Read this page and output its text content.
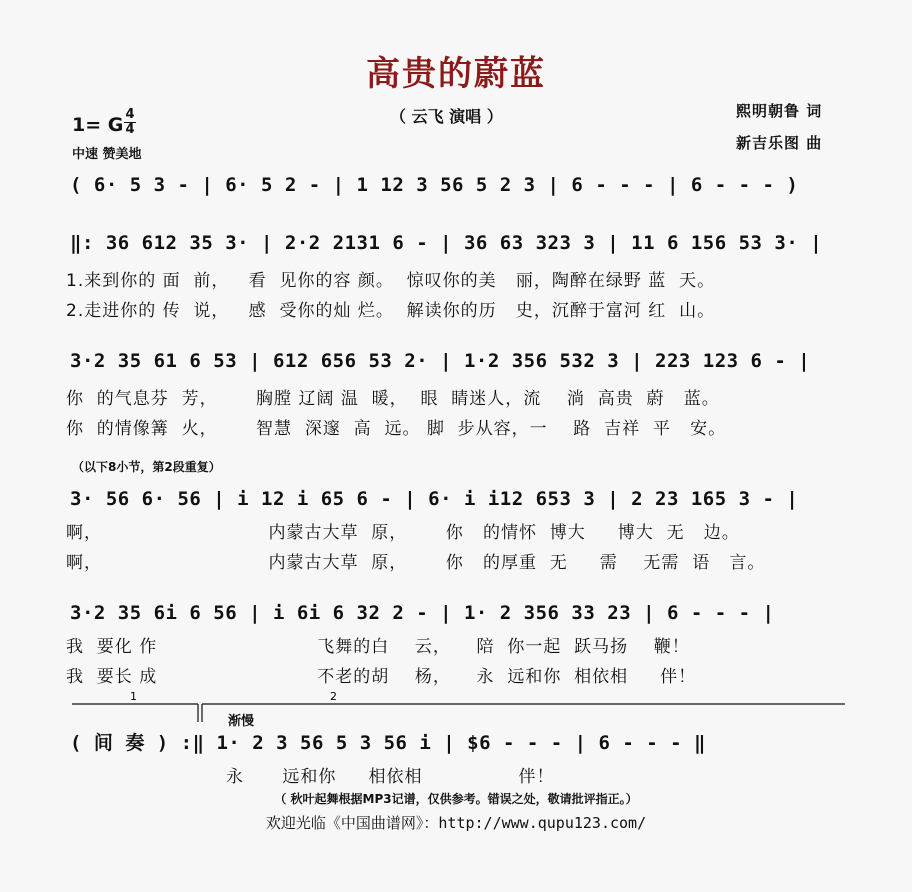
高贵的蔚蓝
（ 云飞 演唱 ）
1= G 4
4
中速 赞美地
熙明朝鲁 词
新吉乐图 曲
( 6· 5 3 - | 6· 5 2 - | 1 12 3 56 5 2 3 | 6 - - - | 6 - - - )
‖: 36 612 35 3· | 2·2 2131 6 - | 36 63 323 3 | 11 6 156 53 3· |
1.来到你的 面  前，   看  见你的容 颜。  惊叹你的美   丽，陶醉在绿野 蓝  天。
2.走进你的 传  说，   感  受你的灿 烂。  解读你的历   史，沉醉于富河 红  山。
3·2 35 61 6 53 | 612 656 53 2· | 1·2 356 532 3 | 223 123 6 - |
你  的气息芬  芳，      胸膛 辽阔 温  暖，  眼  睛迷人，流    淌  高贵  蔚   蓝。
你  的情像篝  火，      智慧  深邃  高  远。 脚  步从容，一    路  吉祥  平   安。
（以下8小节，第2段重复）
3· 56 6· 56 | i 12 i 65 6 - | 6· i i12 653 3 | 2 23 165 3 - |
啊，                          内蒙古大草  原，      你   的情怀  博大     博大  无   边。
啊，                          内蒙古大草  原，      你   的厚重  无     需    无需  语   言。
3·2 35 6i 6 56 | i 6i 6 32 2 - | 1· 2 356 33 23 | 6 - - - |
我  要化 作                         飞舞的白    云，    陪  你一起  跃马扬    鞭！
我  要长 成                         不老的胡    杨，    永  远和你  相依相     伴！
1	2
渐慢
( 间 奏 ) :‖ 1· 2 3 56 5 3 56 i | $6 - - - | 6 - - - ‖
永      远和你     相依相               伴！
（ 秋叶起舞根据MP3记谱，仅供参考。错误之处，敬请批评指正。）
欢迎光临《中国曲谱网》：http://www.qupu123.com/
